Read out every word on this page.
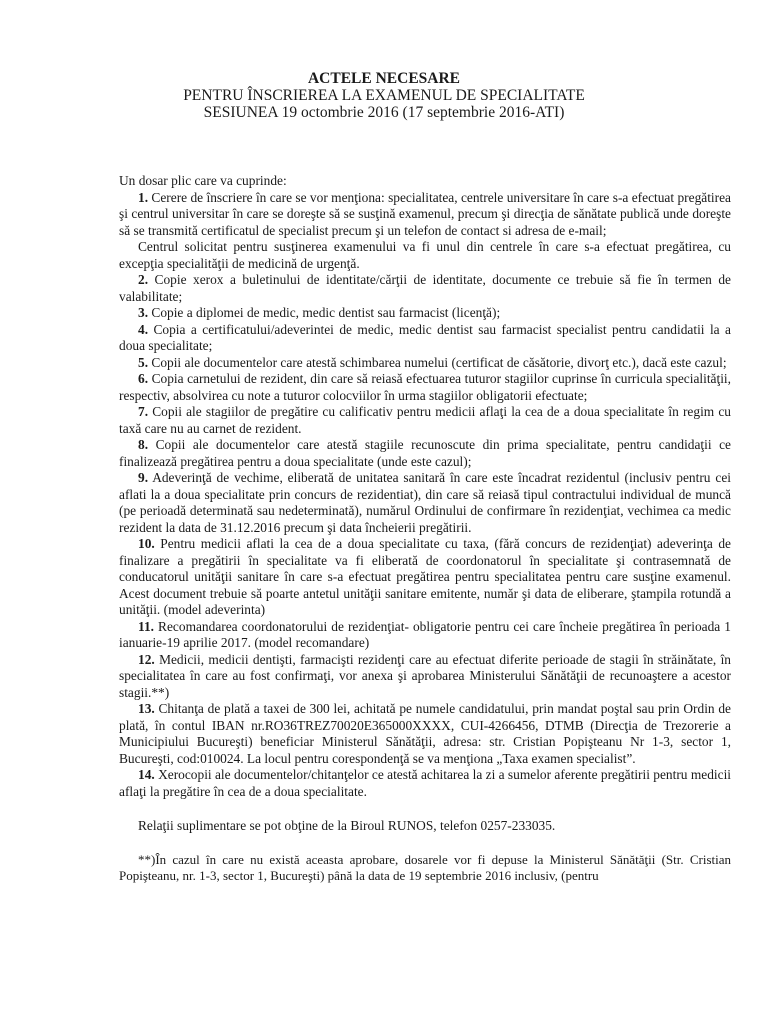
ACTELE NECESARE
PENTRU ÎNSCRIEREA LA EXAMENUL DE SPECIALITATE
SESIUNEA 19 octombrie 2016 (17 septembrie 2016-ATI)

Un dosar plic care va cuprinde:

1. Cerere de înscriere în care se vor menţiona: specialitatea, centrele universitare în care s-a efectuat pregătirea şi centrul universitar în care se doreşte să se susţină examenul, precum şi direcţia de sănătate publică unde doreşte să se transmită certificatul de specialist precum şi un telefon de contact si adresa de e-mail;

Centrul solicitat pentru susţinerea examenului va fi unul din centrele în care s-a efectuat pregătirea, cu excepţia specialităţii de medicină de urgenţă.

2. Copie xerox a buletinului de identitate/cărţii de identitate, documente ce trebuie să fie în termen de valabilitate;

3. Copie a diplomei de medic, medic dentist sau farmacist (licenţă);

4. Copia a certificatului/adeverintei de medic, medic dentist sau farmacist specialist pentru candidatii la a doua specialitate;

5. Copii ale documentelor care atestă schimbarea numelui (certificat de căsătorie, divorţ etc.), dacă este cazul;

6. Copia carnetului de rezident, din care să reiasă efectuarea tuturor stagiilor cuprinse în curricula specialităţii, respectiv, absolvirea cu note a tuturor colocviilor în urma stagiilor obligatorii efectuate;

7. Copii ale stagiilor de pregătire cu calificativ pentru medicii aflaţi la cea de a doua specialitate în regim cu taxă care nu au carnet de rezident.

8. Copii ale documentelor care atestă stagiile recunoscute din prima specialitate, pentru candidaţii ce finalizează pregătirea pentru a doua specialitate (unde este cazul);

9. Adeverinţă de vechime, eliberată de unitatea sanitară în care este încadrat rezidentul (inclusiv pentru cei aflati la a doua specialitate prin concurs de rezidentiat), din care să reiasă tipul contractului individual de muncă (pe perioadă determinată sau nedeterminată), numărul Ordinului de confirmare în rezidenţiat, vechimea ca medic rezident la data de 31.12.2016 precum şi data încheierii pregătirii.

10. Pentru medicii aflati la cea de a doua specialitate cu taxa, (fără concurs de rezidenţiat) adeverinţa de finalizare a pregătirii în specialitate va fi eliberată de coordonatorul în specialitate şi contrasemnată de conducatorul unităţii sanitare în care s-a efectuat pregătirea pentru specialitatea pentru care susţine examenul. Acest document trebuie să poarte antetul unităţii sanitare emitente, număr şi data de eliberare, ştampila rotundă a unităţii. (model adeverinta)

11. Recomandarea coordonatorului de rezidenţiat- obligatorie pentru cei care încheie pregătirea în perioada 1 ianuarie-19 aprilie 2017. (model recomandare)

12. Medicii, medicii dentişti, farmacişti rezidenţi care au efectuat diferite perioade de stagii în străinătate, în specialitatea în care au fost confirmaţi, vor anexa şi aprobarea Ministerului Sănătăţii de recunoaştere a acestor stagii.**)

13. Chitanţa de plată a taxei de 300 lei, achitată pe numele candidatului, prin mandat poştal sau prin Ordin de plată, în contul IBAN nr.RO36TREZ70020E365000XXXX, CUI-4266456, DTMB (Direcţia de Trezorerie a Municipiului Bucureşti) beneficiar Ministerul Sănătăţii, adresa: str. Cristian Popişteanu Nr 1-3, sector 1, Bucureşti, cod:010024. La locul pentru corespondenţă se va menţiona „Taxa examen specialist”.

14. Xerocopii ale documentelor/chitanţelor ce atestă achitarea la zi a sumelor aferente pregătirii pentru medicii aflaţi la pregătire în cea de a doua specialitate.

Relaţii suplimentare se pot obţine de la Biroul RUNOS, telefon 0257-233035.

**)În cazul în care nu există aceasta aprobare, dosarele vor fi depuse la Ministerul Sănătăţii (Str. Cristian Popişteanu, nr. 1-3, sector 1, Bucureşti) până la data de 19 septembrie 2016 inclusiv, (pentru
